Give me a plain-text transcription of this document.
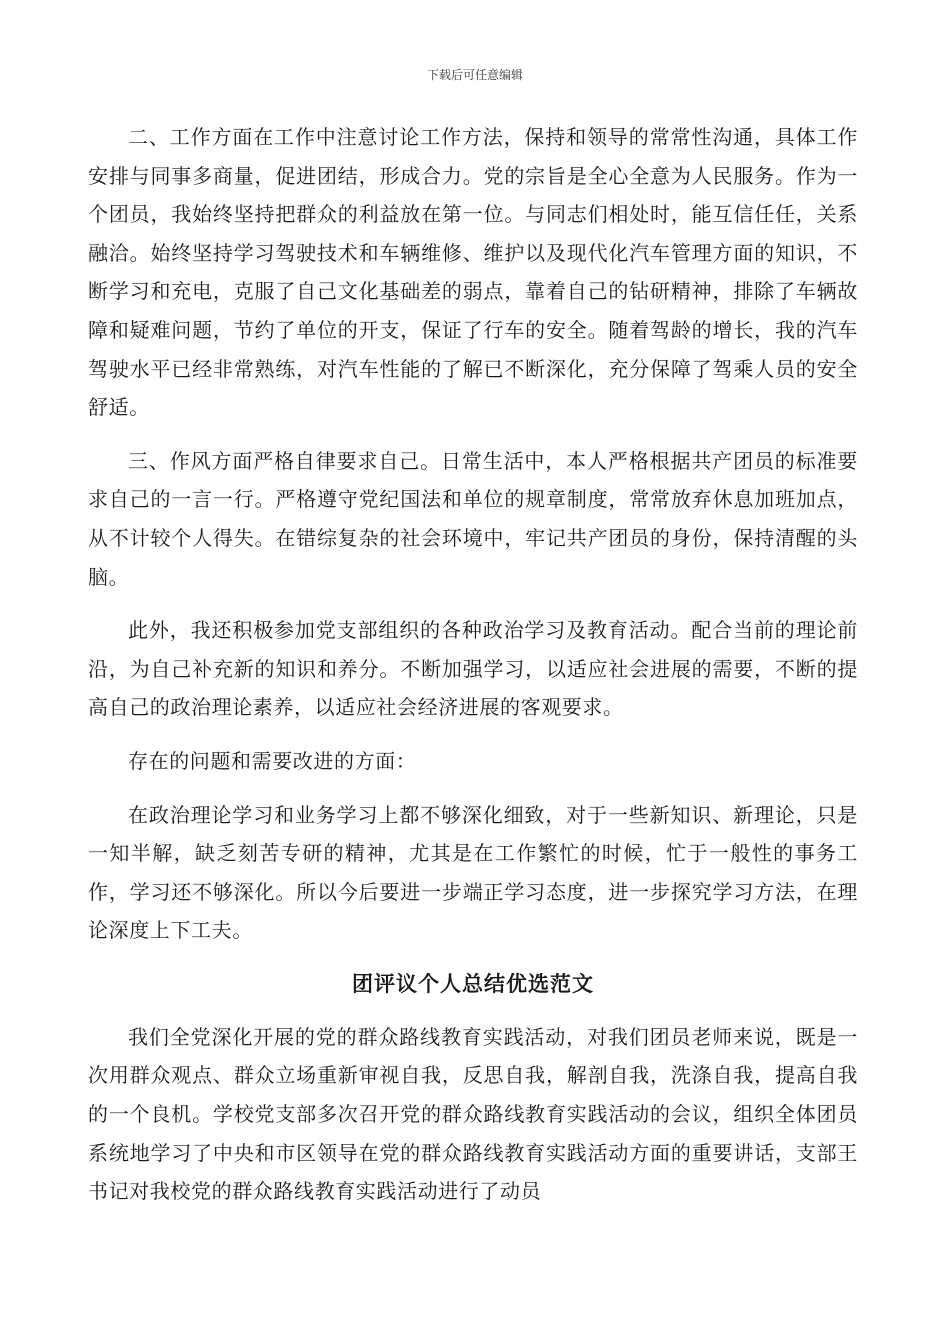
下载后可任意编辑

二、工作方面在工作中注意讨论工作方法，保持和领导的常常性沟通，具体工作安排与同事多商量，促进团结，形成合力。党的宗旨是全心全意为人民服务。作为一个团员，我始终坚持把群众的利益放在第一位。与同志们相处时，能互信任任，关系融洽。始终坚持学习驾驶技术和车辆维修、维护以及现代化汽车管理方面的知识，不断学习和充电，克服了自己文化基础差的弱点，靠着自己的钻研精神，排除了车辆故障和疑难问题，节约了单位的开支，保证了行车的安全。随着驾龄的增长，我的汽车驾驶水平已经非常熟练，对汽车性能的了解已不断深化，充分保障了驾乘人员的安全舒适。

三、作风方面严格自律要求自己。日常生活中，本人严格根据共产团员的标准要求自己的一言一行。严格遵守党纪国法和单位的规章制度，常常放弃休息加班加点，从不计较个人得失。在错综复杂的社会环境中，牢记共产团员的身份，保持清醒的头脑。

此外，我还积极参加党支部组织的各种政治学习及教育活动。配合当前的理论前沿，为自己补充新的知识和养分。不断加强学习，以适应社会进展的需要，不断的提高自己的政治理论素养，以适应社会经济进展的客观要求。

存在的问题和需要改进的方面：

在政治理论学习和业务学习上都不够深化细致，对于一些新知识、新理论，只是一知半解，缺乏刻苦专研的精神，尤其是在工作繁忙的时候，忙于一般性的事务工作，学习还不够深化。所以今后要进一步端正学习态度，进一步探究学习方法，在理论深度上下工夫。

团评议个人总结优选范文

我们全党深化开展的党的群众路线教育实践活动，对我们团员老师来说，既是一次用群众观点、群众立场重新审视自我，反思自我，解剖自我，洗涤自我，提高自我的一个良机。学校党支部多次召开党的群众路线教育实践活动的会议，组织全体团员系统地学习了中央和市区领导在党的群众路线教育实践活动方面的重要讲话，支部王书记对我校党的群众路线教育实践活动进行了动员
